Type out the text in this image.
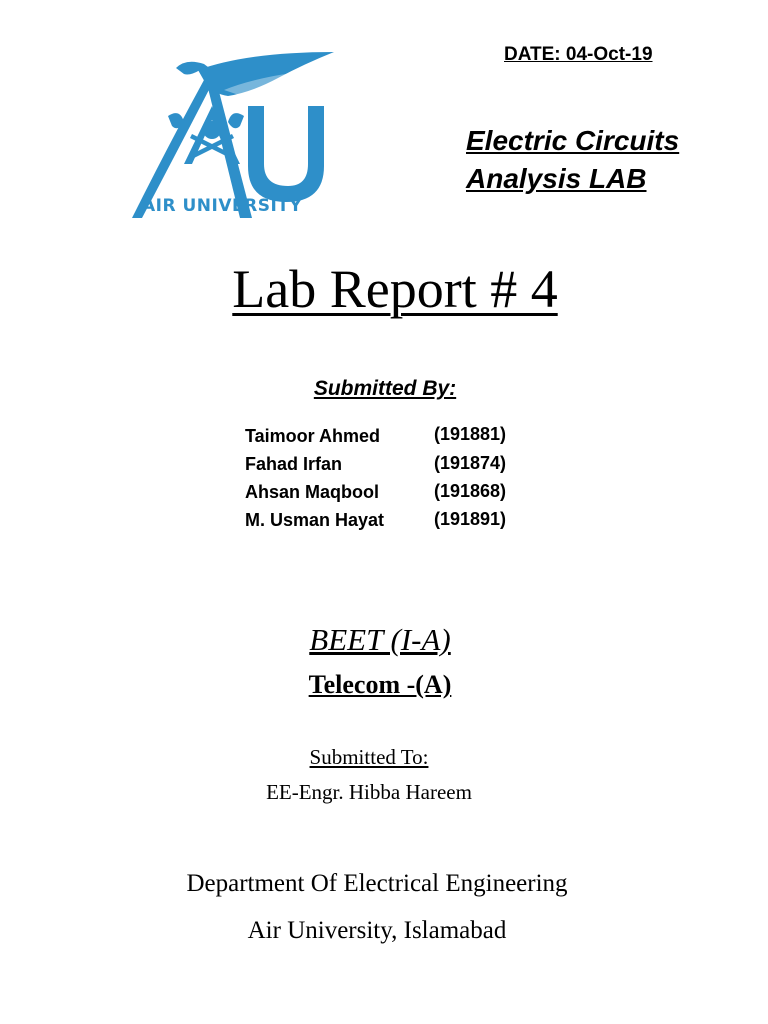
AIR UNIVERSITY
DATE: 04-Oct-19
Electric Circuits
Analysis LAB
Lab Report # 4
Submitted By:
Taimoor Ahmed	(191881)
Fahad Irfan	(191874)
Ahsan Maqbool	(191868)
M. Usman Hayat	(191891)
BEET (I-A)
Telecom -(A)
Submitted To:
EE-Engr. Hibba Hareem
Department Of Electrical Engineering
Air University, Islamabad
